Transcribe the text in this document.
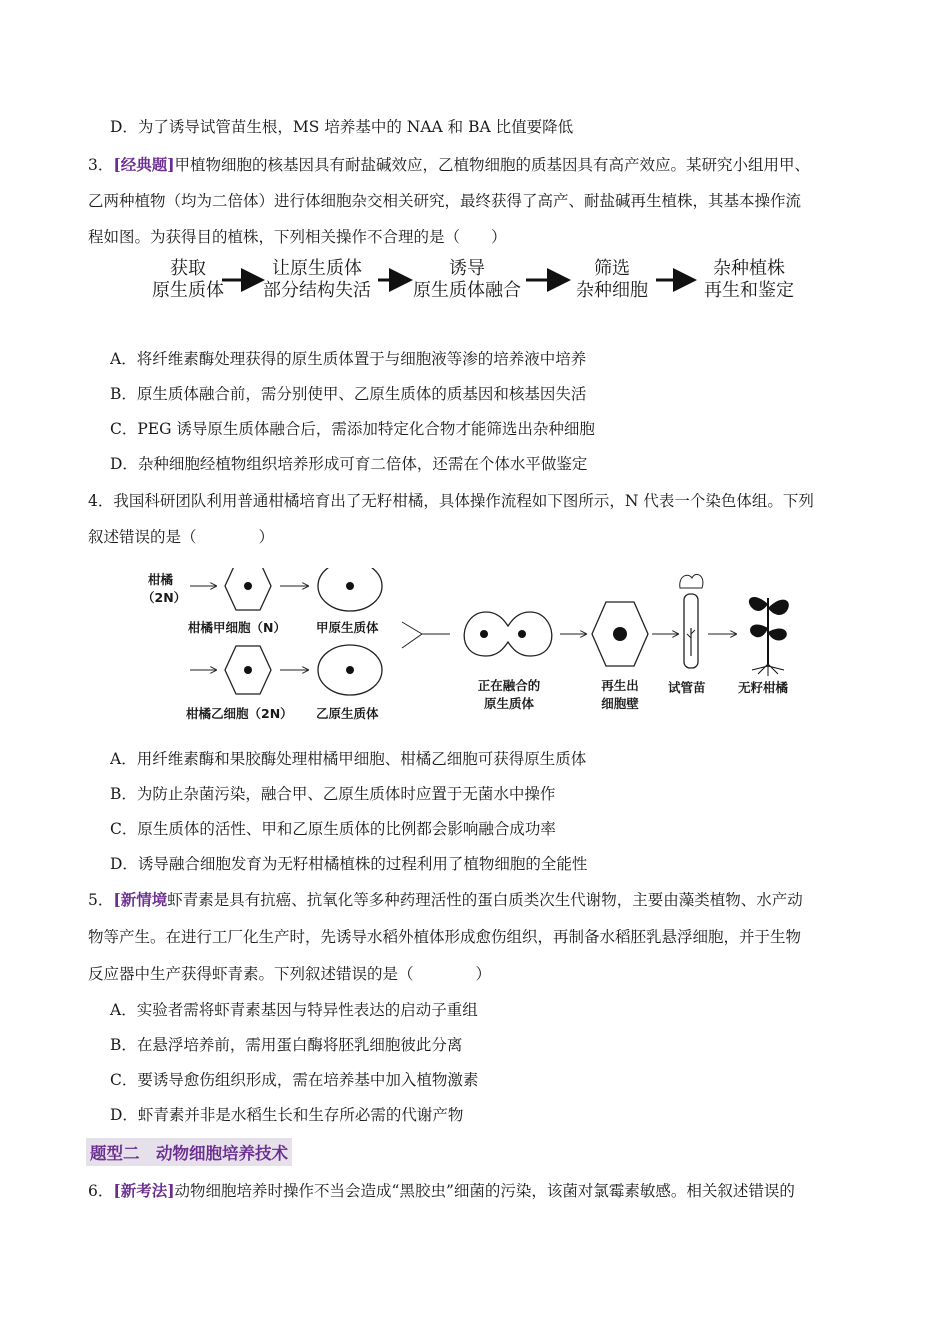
D．为了诱导试管苗生根，MS 培养基中的 NAA 和 BA 比值要降低
3．[经典题]甲植物细胞的核基因具有耐盐碱效应，乙植物细胞的质基因具有高产效应。某研究小组用甲、
乙两种植物（均为二倍体）进行体细胞杂交相关研究，最终获得了高产、耐盐碱再生植株，其基本操作流
程如图。为获得目的植株，下列相关操作不合理的是（　　）
获取
原生质体
让原生质体
部分结构失活
诱导
原生质体融合
筛选
杂种细胞
杂种植株
再生和鉴定
A．将纤维素酶处理获得的原生质体置于与细胞液等渗的培养液中培养
B．原生质体融合前，需分别使甲、乙原生质体的质基因和核基因失活
C．PEG 诱导原生质体融合后，需添加特定化合物才能筛选出杂种细胞
D．杂种细胞经植物组织培养形成可育二倍体，还需在个体水平做鉴定
4．我国科研团队利用普通柑橘培育出了无籽柑橘，具体操作流程如下图所示，N 代表一个染色体组。下列
叙述错误的是（　　　　）
柑橘
（2N）
柑橘甲细胞（N） 甲原生质体
柑橘乙细胞（2N） 乙原生质体
正在融合的
原生质体
再生出
细胞壁
试管苗	无籽柑橘
A．用纤维素酶和果胶酶处理柑橘甲细胞、柑橘乙细胞可获得原生质体
B．为防止杂菌污染，融合甲、乙原生质体时应置于无菌水中操作
C．原生质体的活性、甲和乙原生质体的比例都会影响融合成功率
D．诱导融合细胞发育为无籽柑橘植株的过程利用了植物细胞的全能性
5．[新情境虾青素是具有抗癌、抗氧化等多种药理活性的蛋白质类次生代谢物，主要由藻类植物、水产动
物等产生。在进行工厂化生产时，先诱导水稻外植体形成愈伤组织，再制备水稻胚乳悬浮细胞，并于生物
反应器中生产获得虾青素。下列叙述错误的是（　　　　）
A．实验者需将虾青素基因与特异性表达的启动子重组
B．在悬浮培养前，需用蛋白酶将胚乳细胞彼此分离
C．要诱导愈伤组织形成，需在培养基中加入植物激素
D．虾青素并非是水稻生长和生存所必需的代谢产物
题型二　动物细胞培养技术
6．[新考法]动物细胞培养时操作不当会造成“黑胶虫”细菌的污染，该菌对氯霉素敏感。相关叙述错误的
